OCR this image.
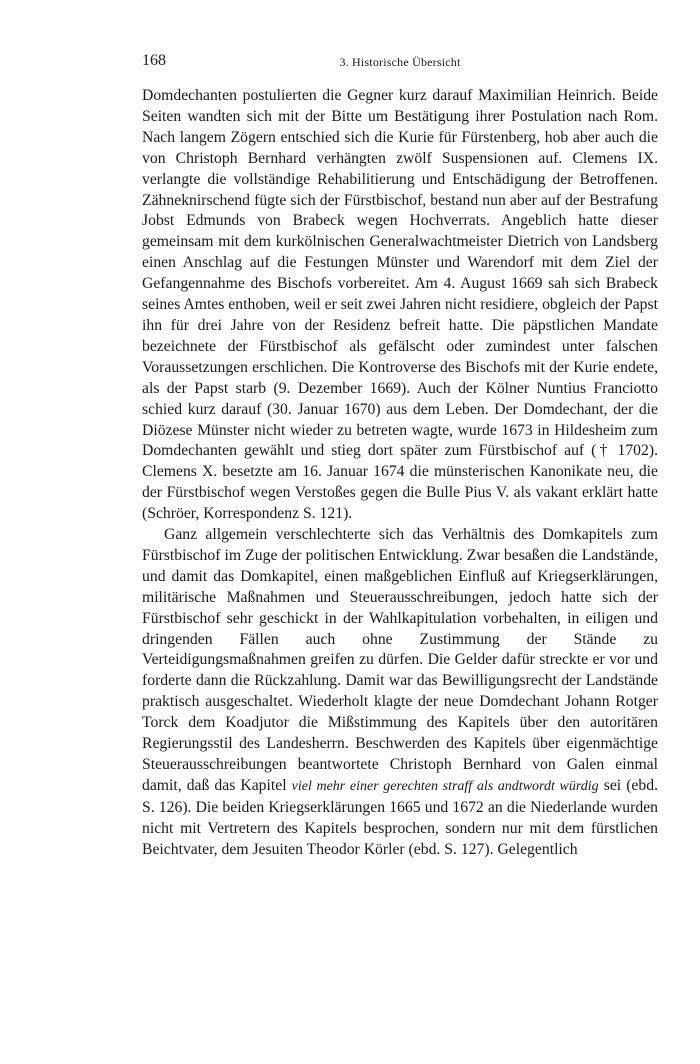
168	3. Historische Übersicht

Domdechanten postulierten die Gegner kurz darauf Maximilian Heinrich. Beide Seiten wandten sich mit der Bitte um Bestätigung ihrer Postulation nach Rom. Nach langem Zögern entschied sich die Kurie für Fürstenberg, hob aber auch die von Christoph Bernhard verhängten zwölf Suspensionen auf. Clemens IX. verlangte die vollständige Rehabilitierung und Entschädigung der Betroffenen. Zähneknirschend fügte sich der Fürstbischof, bestand nun aber auf der Bestrafung Jobst Edmunds von Brabeck wegen Hochverrats. Angeblich hatte dieser gemeinsam mit dem kurkölnischen Generalwachtmeister Dietrich von Landsberg einen Anschlag auf die Festungen Münster und Warendorf mit dem Ziel der Gefangennahme des Bischofs vorbereitet. Am 4. August 1669 sah sich Brabeck seines Amtes enthoben, weil er seit zwei Jahren nicht residiere, obgleich der Papst ihn für drei Jahre von der Residenz befreit hatte. Die päpstlichen Mandate bezeichnete der Fürstbischof als gefälscht oder zumindest unter falschen Voraussetzungen erschlichen. Die Kontroverse des Bischofs mit der Kurie endete, als der Papst starb (9. Dezember 1669). Auch der Kölner Nuntius Franciotto schied kurz darauf (30. Januar 1670) aus dem Leben. Der Domdechant, der die Diözese Münster nicht wieder zu betreten wagte, wurde 1673 in Hildesheim zum Domdechanten gewählt und stieg dort später zum Fürstbischof auf († 1702). Clemens X. besetzte am 16. Januar 1674 die münsterischen Kanonikate neu, die der Fürstbischof wegen Verstoßes gegen die Bulle Pius V. als vakant erklärt hatte (Schröer, Korrespondenz S. 121).

Ganz allgemein verschlechterte sich das Verhältnis des Domkapitels zum Fürstbischof im Zuge der politischen Entwicklung. Zwar besaßen die Landstände, und damit das Domkapitel, einen maßgeblichen Einfluß auf Kriegserklärungen, militärische Maßnahmen und Steuerausschreibungen, jedoch hatte sich der Fürstbischof sehr geschickt in der Wahlkapitulation vorbehalten, in eiligen und dringenden Fällen auch ohne Zustimmung der Stände zu Verteidigungsmaßnahmen greifen zu dürfen. Die Gelder dafür streckte er vor und forderte dann die Rückzahlung. Damit war das Bewilligungsrecht der Landstände praktisch ausgeschaltet. Wiederholt klagte der neue Domdechant Johann Rotger Torck dem Koadjutor die Mißstimmung des Kapitels über den autoritären Regierungsstil des Landesherrn. Beschwerden des Kapitels über eigenmächtige Steuerausschreibungen beantwortete Christoph Bernhard von Galen einmal damit, daß das Kapitel viel mehr einer gerechten straff als andtwordt würdig sei (ebd. S. 126). Die beiden Kriegserklärungen 1665 und 1672 an die Niederlande wurden nicht mit Vertretern des Kapitels besprochen, sondern nur mit dem fürstlichen Beichtvater, dem Jesuiten Theodor Körler (ebd. S. 127). Gelegentlich
